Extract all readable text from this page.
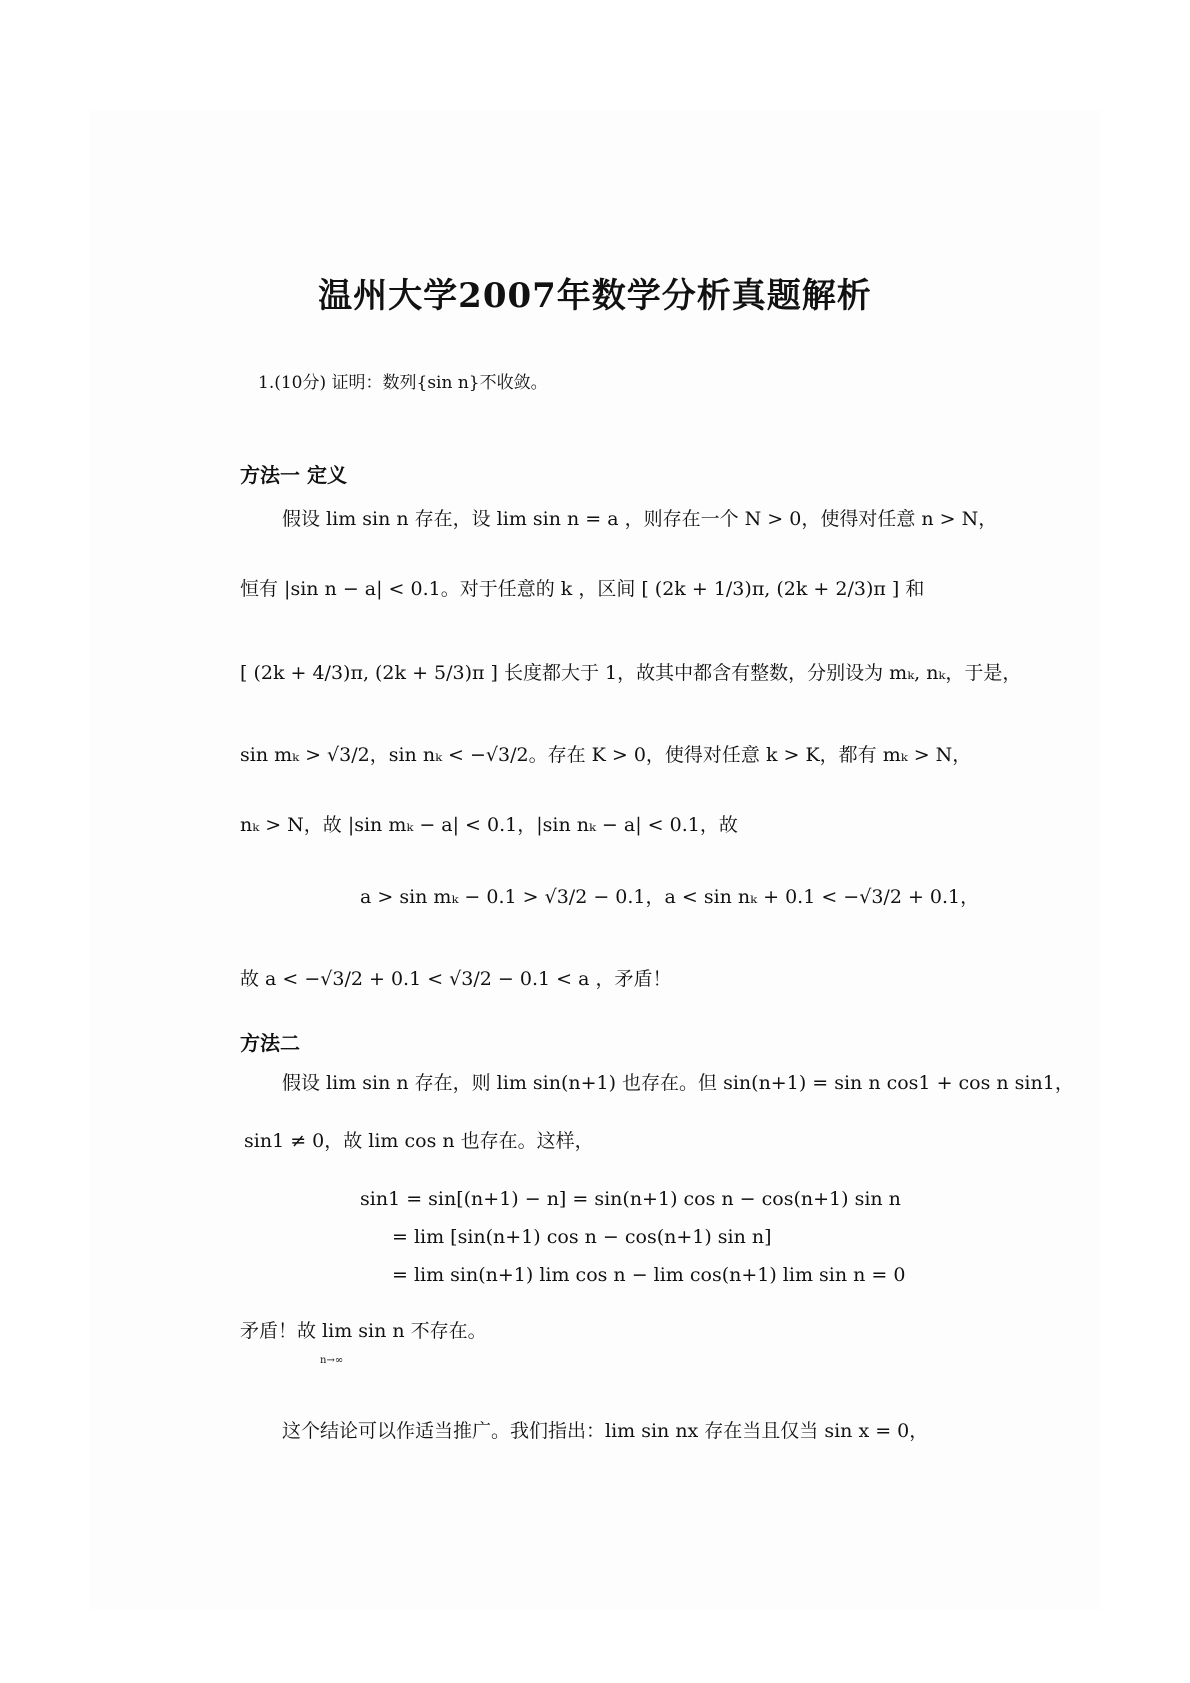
温州大学2007年数学分析真题解析
1.(10分) 证明：数列{sin n}不收敛。
方法一 定义
假设 lim sin n 存在，设 lim sin n = a ，则存在一个 N > 0，使得对任意 n > N，
恒有 |sin n − a| < 0.1。对于任意的 k ，区间 [ (2k + 1/3)π, (2k + 2/3)π ] 和
[ (2k + 4/3)π, (2k + 5/3)π ] 长度都大于 1，故其中都含有整数，分别设为 mₖ, nₖ，于是，
sin mₖ > √3/2，sin nₖ < −√3/2。存在 K > 0，使得对任意 k > K，都有 mₖ > N，
nₖ > N，故 |sin mₖ − a| < 0.1，|sin nₖ − a| < 0.1，故
a > sin mₖ − 0.1 > √3/2 − 0.1，a < sin nₖ + 0.1 < −√3/2 + 0.1，
故 a < −√3/2 + 0.1 < √3/2 − 0.1 < a ，矛盾！
方法二
假设 lim sin n 存在，则 lim sin(n+1) 也存在。但 sin(n+1) = sin n cos1 + cos n sin1，
sin1 ≠ 0，故 lim cos n 也存在。这样，
sin1 = sin[(n+1) − n] = sin(n+1) cos n − cos(n+1) sin n
= lim [sin(n+1) cos n − cos(n+1) sin n]
= lim sin(n+1) lim cos n − lim cos(n+1) lim sin n = 0
矛盾！故 lim sin n 不存在。
n→∞
这个结论可以作适当推广。我们指出：lim sin nx 存在当且仅当 sin x = 0，
